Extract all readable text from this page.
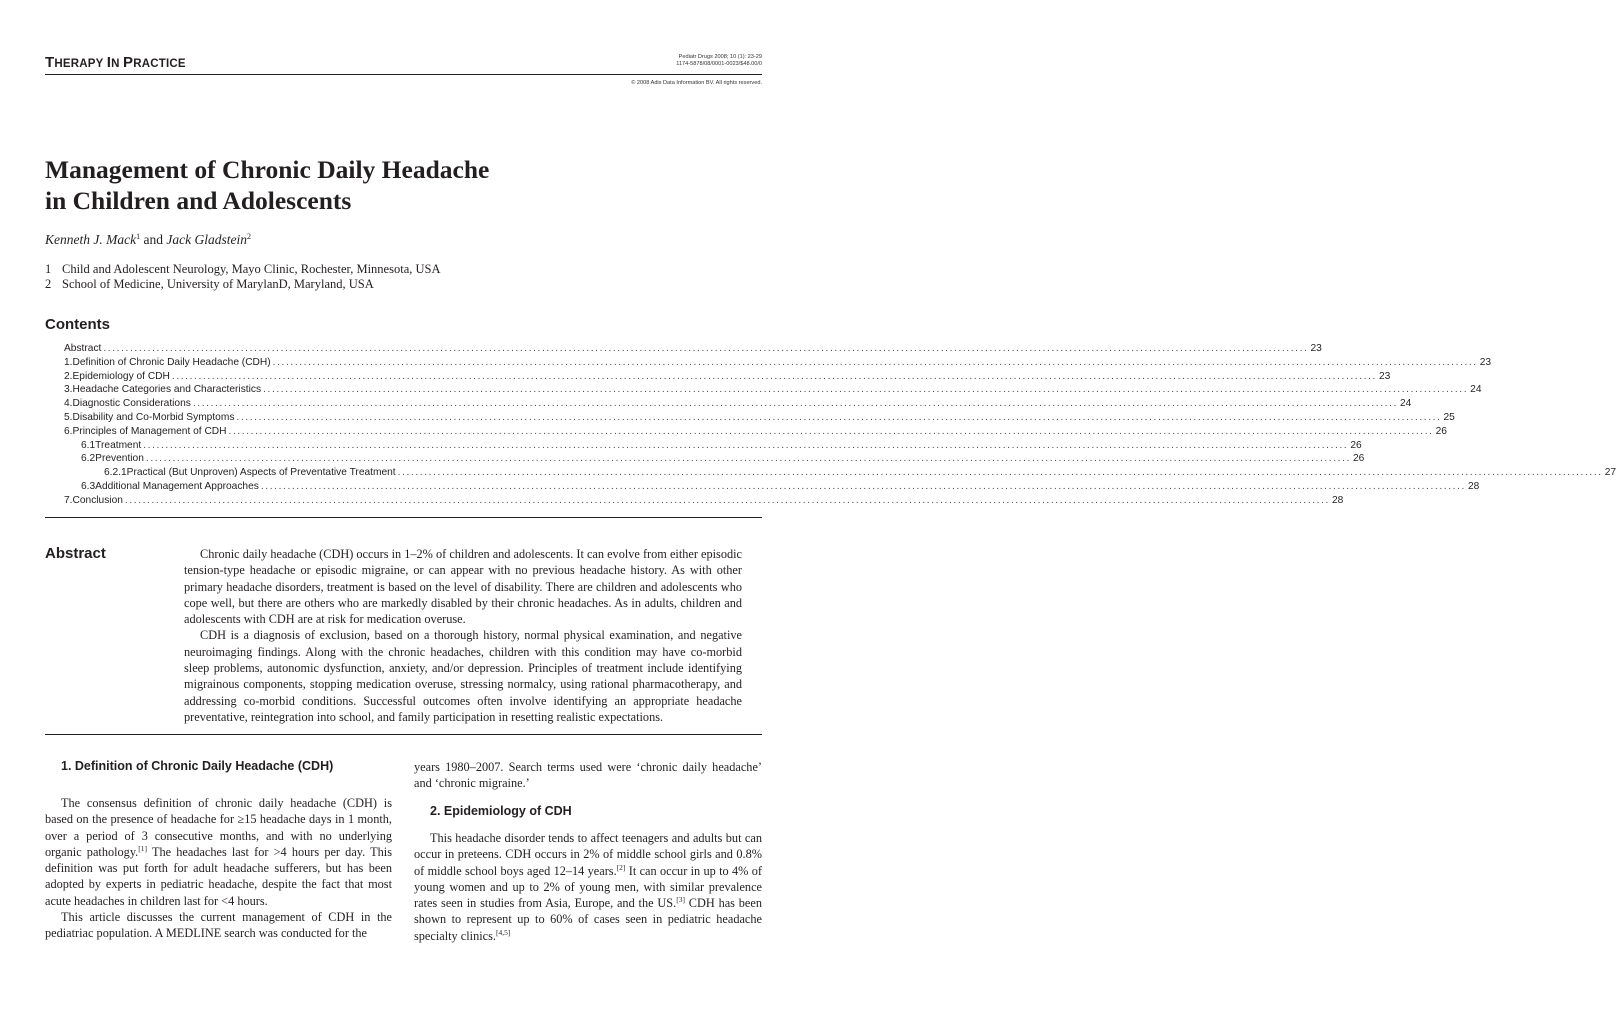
THERAPY IN PRACTICE
Pediatr Drugs 2008; 10 (1): 23-29
1174-5878/08/0001-0023/$48.00/0
© 2008 Adis Data Information BV. All rights reserved.
Management of Chronic Daily Headache
in Children and Adolescents
Kenneth J. Mack$^1$ and Jack Gladstein$^2$
1 Child and Adolescent Neurology, Mayo Clinic, Rochester, Minnesota, USA
2 School of Medicine, University of MarylanD, Maryland, USA
Contents
Abstract .....	23
1. Definition of Chronic Daily Headache (CDH) .....	23
2. Epidemiology of CDH .....	23
3. Headache Categories and Characteristics .....	24
4. Diagnostic Considerations .....	24
5. Disability and Co-Morbid Symptoms .....	25
6. Principles of Management of CDH .....	26
6.1 Treatment .....	26
6.2 Prevention .....	26
6.2.1 Practical (But Unproven) Aspects of Preventative Treatment .....	27
6.3 Additional Management Approaches .....	28
7. Conclusion .....	28
Abstract	Chronic daily headache (CDH) occurs in 1–2% of children and adolescents. It can evolve from either episodic tension-type headache or episodic migraine, or can appear with no previous headache history. As with other primary headache disorders, treatment is based on the level of disability. There are children and adolescents who cope well, but there are others who are markedly disabled by their chronic headaches. As in adults, children and adolescents with CDH are at risk for medication overuse.

CDH is a diagnosis of exclusion, based on a thorough history, normal physical examination, and negative neuroimaging findings. Along with the chronic headaches, children with this condition may have co-morbid sleep problems, autonomic dysfunction, anxiety, and/or depression. Principles of treatment include identifying migrainous components, stopping medication overuse, stressing normalcy, using rational pharmacotherapy, and addressing co-morbid conditions. Successful outcomes often involve identifying an appropriate headache preventative, reintegration into school, and family participation in resetting realistic expectations.

1. Definition of Chronic Daily Headache (CDH)

The consensus definition of chronic daily headache (CDH) is based on the presence of headache for ≥15 headache days in 1 month, over a period of 3 consecutive months, and with no underlying organic pathology.[1] The headaches last for >4 hours per day. This definition was put forth for adult headache sufferers, but has been adopted by experts in pediatric headache, despite the fact that most acute headaches in children last for <4 hours.

This article discusses the current management of CDH in the pediatriac population. A MEDLINE search was conducted for the

years 1980–2007. Search terms used were ‘chronic daily headache’ and ‘chronic migraine.’

2. Epidemiology of CDH

This headache disorder tends to affect teenagers and adults but can occur in preteens. CDH occurs in 2% of middle school girls and 0.8% of middle school boys aged 12–14 years.[2] It can occur in up to 4% of young women and up to 2% of young men, with similar prevalence rates seen in studies from Asia, Europe, and the US.[3] CDH has been shown to represent up to 60% of cases seen in pediatric headache specialty clinics.[4,5]
